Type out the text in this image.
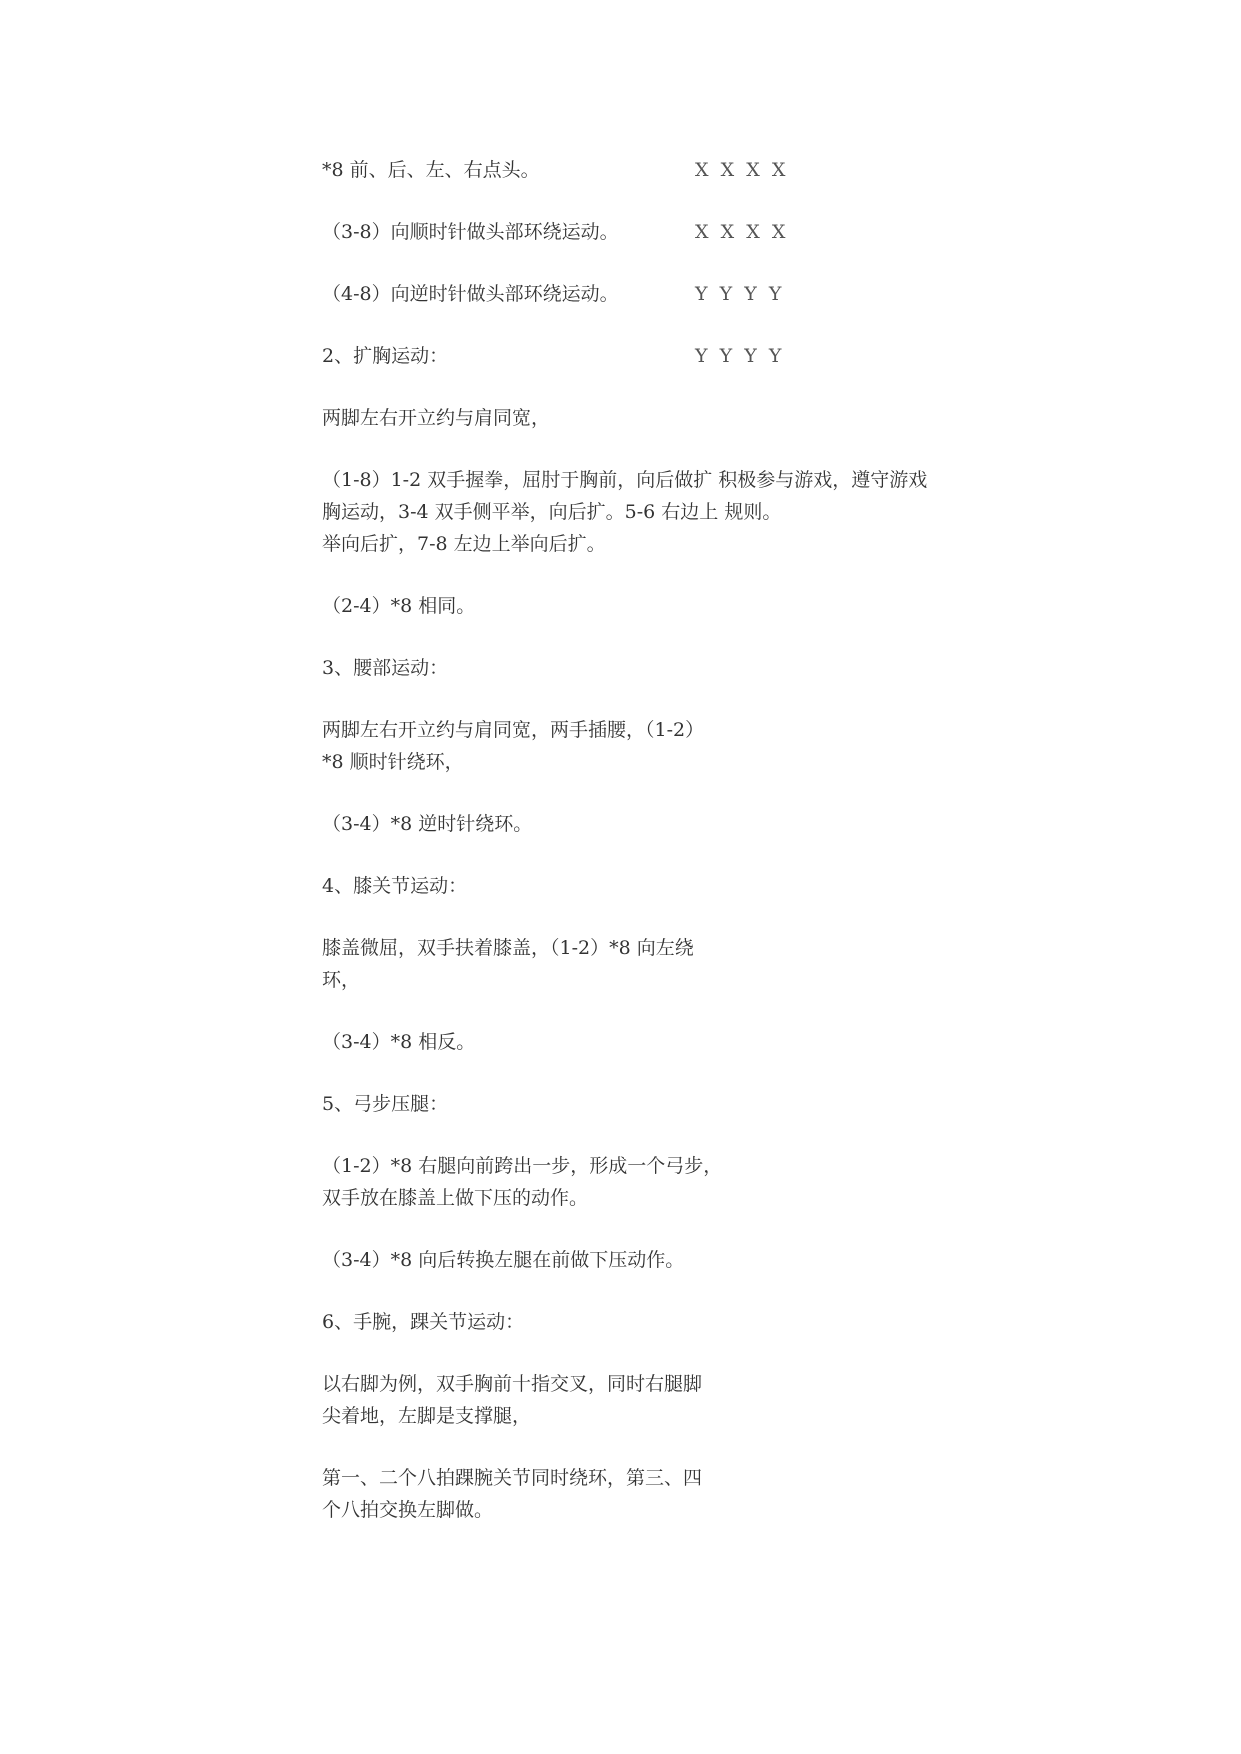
*8 前、后、左、右点头。	X  X  X  X
（3-8）向顺时针做头部环绕运动。	X  X  X  X
（4-8）向逆时针做头部环绕运动。	Y  Y  Y  Y
2、扩胸运动：	Y  Y  Y  Y
两脚左右开立约与肩同宽，
（1-8）1-2 双手握拳，屈肘于胸前，向后做扩 积极参与游戏，遵守游戏
胸运动，3-4 双手侧平举，向后扩。5-6 右边上 规则。
举向后扩，7-8 左边上举向后扩。
（2-4）*8 相同。
3、腰部运动：
两脚左右开立约与肩同宽，两手插腰，（1-2）
*8 顺时针绕环，
（3-4）*8 逆时针绕环。
4、膝关节运动：
膝盖微屈，双手扶着膝盖，（1-2）*8 向左绕
环，
（3-4）*8 相反。
5、弓步压腿：
（1-2）*8 右腿向前跨出一步，形成一个弓步，
双手放在膝盖上做下压的动作。
（3-4）*8 向后转换左腿在前做下压动作。
6、手腕，踝关节运动：
以右脚为例，双手胸前十指交叉，同时右腿脚
尖着地，左脚是支撑腿，
第一、二个八拍踝腕关节同时绕环，第三、四
个八拍交换左脚做。
